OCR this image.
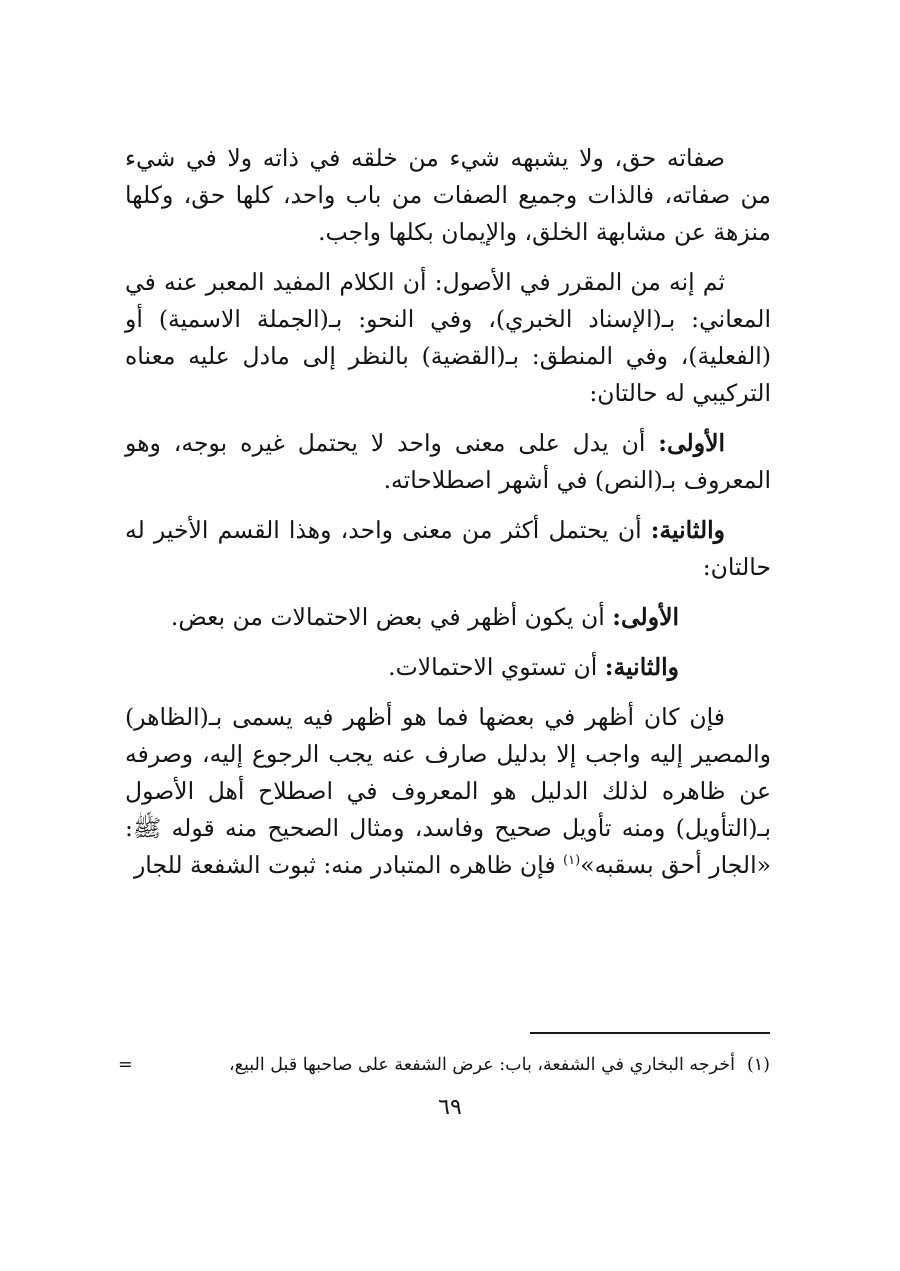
صفاته حق، ولا يشبهه شيء من خلقه في ذاته ولا في شيء من صفاته، فالذات وجميع الصفات من باب واحد، كلها حق، وكلها منزهة عن مشابهة الخلق، والإيمان بكلها واجب.

ثم إنه من المقرر في الأصول: أن الكلام المفيد المعبر عنه في المعاني: بـ(الإسناد الخبري)، وفي النحو: بـ(الجملة الاسمية) أو (الفعلية)، وفي المنطق: بـ(القضية) بالنظر إلى مادل عليه معناه التركيبي له حالتان:

الأولى: أن يدل على معنى واحد لا يحتمل غيره بوجه، وهو المعروف بـ(النص) في أشهر اصطلاحاته.

والثانية: أن يحتمل أكثر من معنى واحد، وهذا القسم الأخير له حالتان:

الأولى: أن يكون أظهر في بعض الاحتمالات من بعض.

والثانية: أن تستوي الاحتمالات.

فإن كان أظهر في بعضها فما هو أظهر فيه يسمى بـ(الظاهر) والمصير إليه واجب إلا بدليل صارف عنه يجب الرجوع إليه، وصرفه عن ظاهره لذلك الدليل هو المعروف في اصطلاح أهل الأصول بـ(التأويل) ومنه تأويل صحيح وفاسد، ومثال الصحيح منه قوله ﷺ: «الجار أحق بسقبه»$^{(١)}$ فإن ظاهره المتبادر منه: ثبوت الشفعة للجار

(١)أخرجه البخاري في الشفعة، باب: عرض الشفعة على صاحبها قبل البيع،
=
٦٩
